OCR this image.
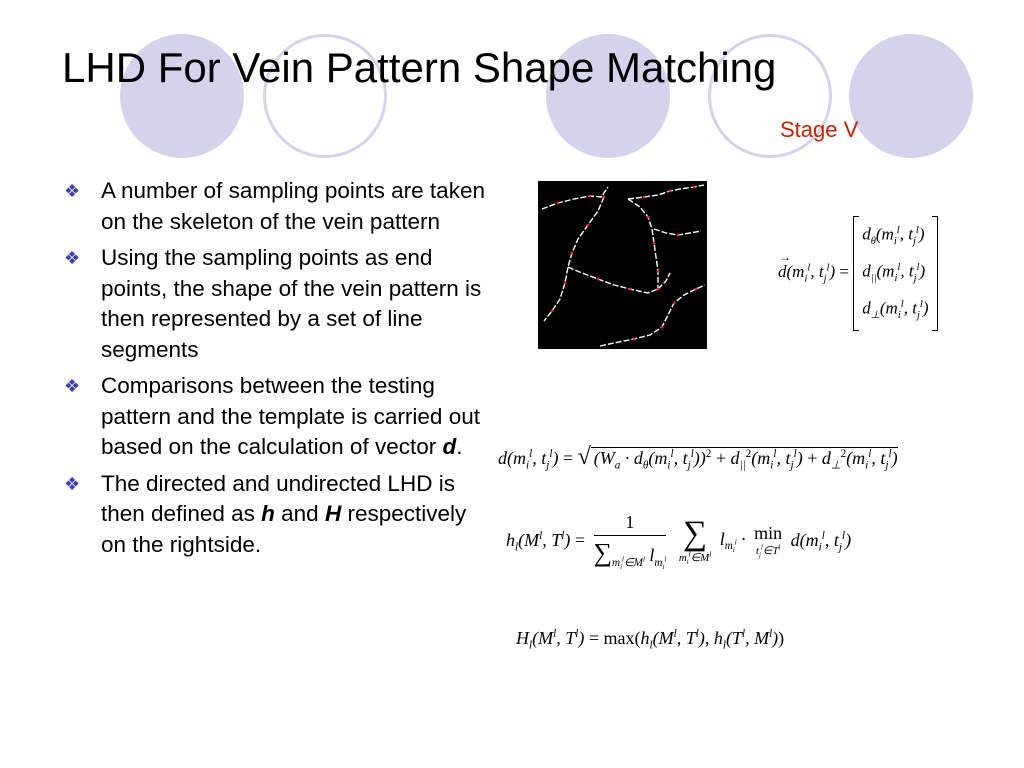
LHD For Vein Pattern Shape Matching
Stage V
❖ A number of sampling points are taken on the skeleton of the vein pattern
❖ Using the sampling points as end points, the shape of the vein pattern is then represented by a set of line segments
❖ Comparisons between the testing pattern and the template is carried out based on the calculation of vector d.
❖ The directed and undirected LHD is then defined as h and H respectively on the rightside.
d
→
($m_i^l$, $t_j^l$) =
$d_\theta(m_i^l$, $t_j^l$)
$d_{||}(m_i^l$, $t_j^l$)
$d_\perp(m_i^l$, $t_j^l$)
$d(m_i^l$, $t_j^l$) = √ ($W_a \cdot d_\theta(m_i^l$, $t_j^l))^2 + d_{||}^2(m_i^l$, $t_j^l) + d_\perp^2(m_i^l$, $t_j^l$)
$h_l(M^l$, $T^l) = \frac{1}{\sum_{m_i^l\in M^l} l_{m_i^l}}$
∑
$m_i^l\in M^l$
$l_{m_i^l} \cdot \min$
$t_j^l\in T^l$ $d(m_i^l$, $t_j^l$)
$H_l(M^l$, $T^l) = \max(h_l(M^l$, $T^l$), $h_l(T^l$, $M^l$))
